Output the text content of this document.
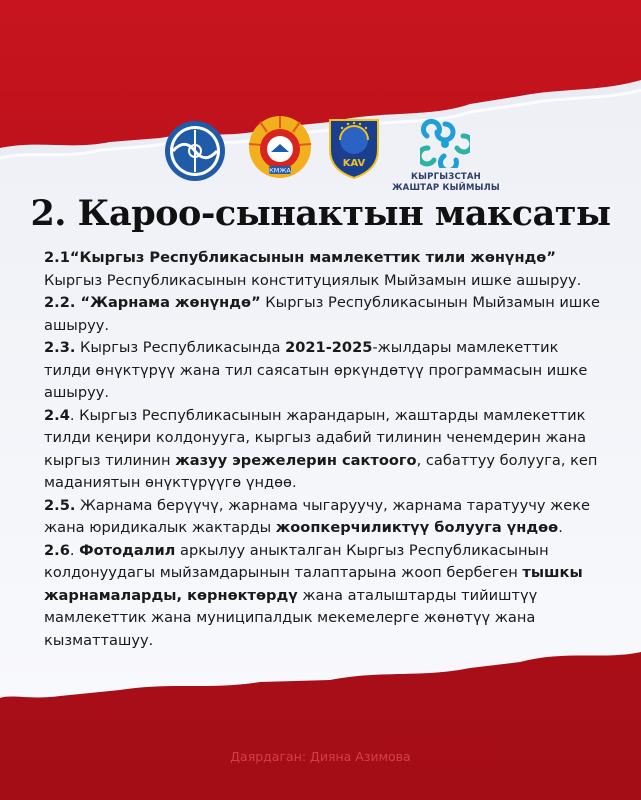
КМЖА
KAV
КЫРГЫЗСТАН ЖАШТАР КЫЙМЫЛЫ
2. Кароо-сынактын максаты

2.1“Кыргыз Республикасынын мамлекеттик тили жөнүндө” Кыргыз Республикасынын конституциялык Мыйзамын ишке ашыруу.

2.2. “Жарнама жөнүндө” Кыргыз Республикасынын Мыйзамын ишке ашыруу.

2.3. Кыргыз Республикасында 2021-2025-жылдары мамлекеттик тилди өнүктүрүү жана тил саясатын өркүндөтүү программасын ишке ашыруу.

2.4. Кыргыз Республикасынын жарандарын, жаштарды мамлекеттик тилди кеңири колдонууга, кыргыз адабий тилинин ченемдерин жана кыргыз тилинин жазуу эрежелерин сактоого, сабаттуу болууга, кеп маданиятын өнүктүрүүгө үндөө.

2.5. Жарнама берүүчү, жарнама чыгаруучу, жарнама таратуучу жеке жана юридикалык жактарды жоопкерчиликтүү болууга үндөө.

2.6. Фотодалил аркылуу аныкталган Кыргыз Республикасынын колдонуудагы мыйзамдарынын талаптарына жооп бербеген тышкы жарнамаларды, көрнөктөрдү жана аталыштарды тийиштүү мамлекеттик жана муниципалдык мекемелерге жөнөтүү жана кызматташуу.

Даярдаган: Дияна Азимова
